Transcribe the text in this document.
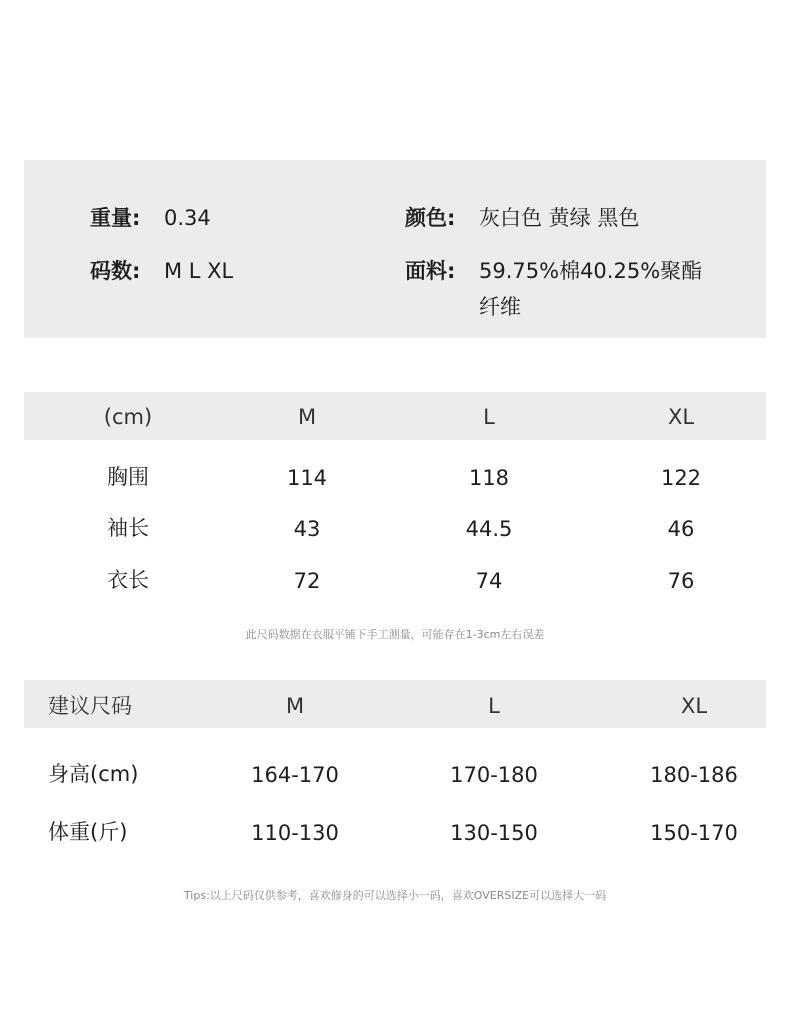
重量: 0.34	颜色: 灰白色 黄绿 黑色
码数: M L XL	面料: 59.75%棉40.25%聚酯纤维
(cm)	M	L	XL
胸围	114	118	122
袖长	43	44.5	46
衣长	72	74	76
此尺码数据在衣服平铺下手工测量，可能存在1-3cm左右误差
建议尺码	M	L	XL
身高(cm)	164-170	170-180	180-186
体重(斤)	110-130	130-150	150-170
Tips:以上尺码仅供参考，喜欢修身的可以选择小一码，喜欢OVERSIZE可以选择大一码
